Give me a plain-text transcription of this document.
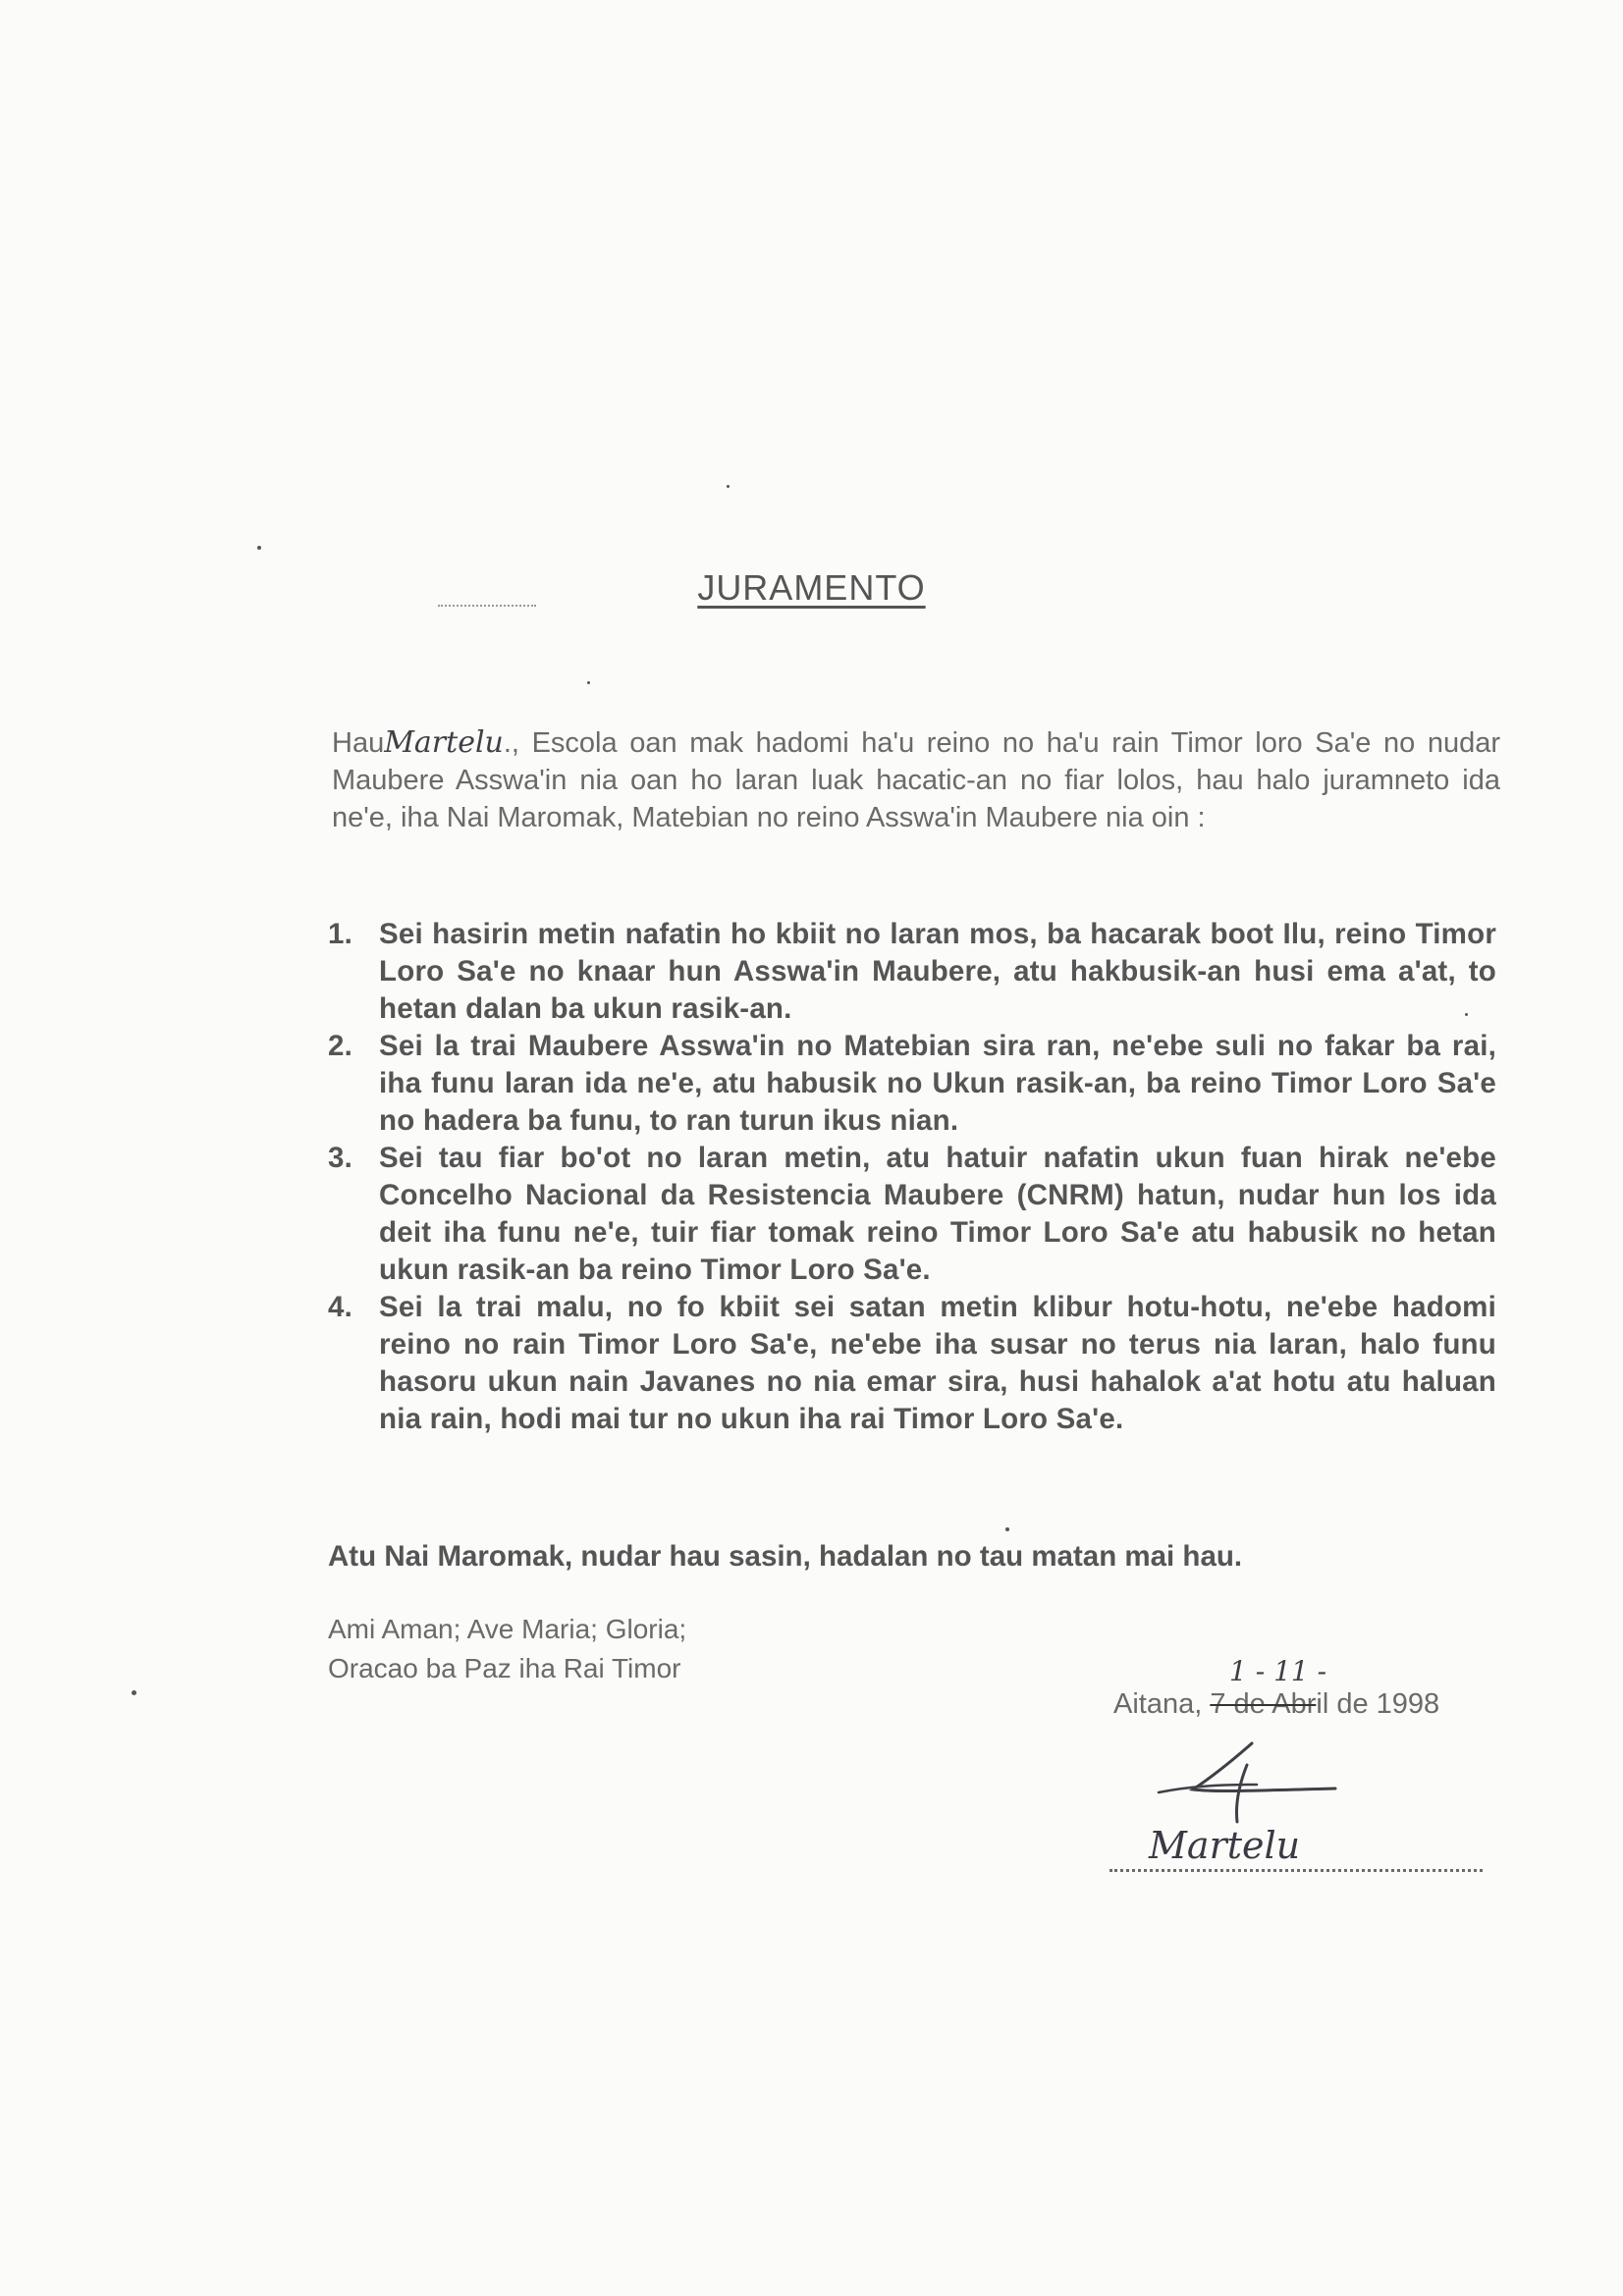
JURAMENTO
HauMartelu., Escola oan mak hadomi ha'u reino no ha'u rain Timor loro Sa'e no nudar Maubere Asswa'in nia oan ho laran luak hacatic-an no fiar lolos, hau halo juramneto ida ne'e, iha Nai Maromak, Matebian no reino Asswa'in Maubere nia oin :
1. Sei hasirin metin nafatin ho kbiit no laran mos, ba hacarak boot Ilu, reino Timor Loro Sa'e no knaar hun Asswa'in Maubere, atu hakbusik-an husi ema a'at, to hetan dalan ba ukun rasik-an.
2. Sei la trai Maubere Asswa'in no Matebian sira ran, ne'ebe suli no fakar ba rai, iha funu laran ida ne'e, atu habusik no Ukun rasik-an, ba reino Timor Loro Sa'e no hadera ba funu, to ran turun ikus nian.
3. Sei tau fiar bo'ot no laran metin, atu hatuir nafatin ukun fuan hirak ne'ebe Concelho Nacional da Resistencia Maubere (CNRM) hatun, nudar hun los ida deit iha funu ne'e, tuir fiar tomak reino Timor Loro Sa'e atu habusik no hetan ukun rasik-an ba reino Timor Loro Sa'e.
4. Sei la trai malu, no fo kbiit sei satan metin klibur hotu-hotu, ne'ebe hadomi reino no rain Timor Loro Sa'e, ne'ebe iha susar no terus nia laran, halo funu hasoru ukun nain Javanes no nia emar sira, husi hahalok a'at hotu atu haluan nia rain, hodi mai tur no ukun iha rai Timor Loro Sa'e.
Atu Nai Maromak, nudar hau sasin, hadalan no tau matan mai hau.
Ami Aman; Ave Maria; Gloria;
Oracao ba Paz iha Rai Timor	1 - 11 -
Aitana, 7 de Abril de 1998
Martelu
